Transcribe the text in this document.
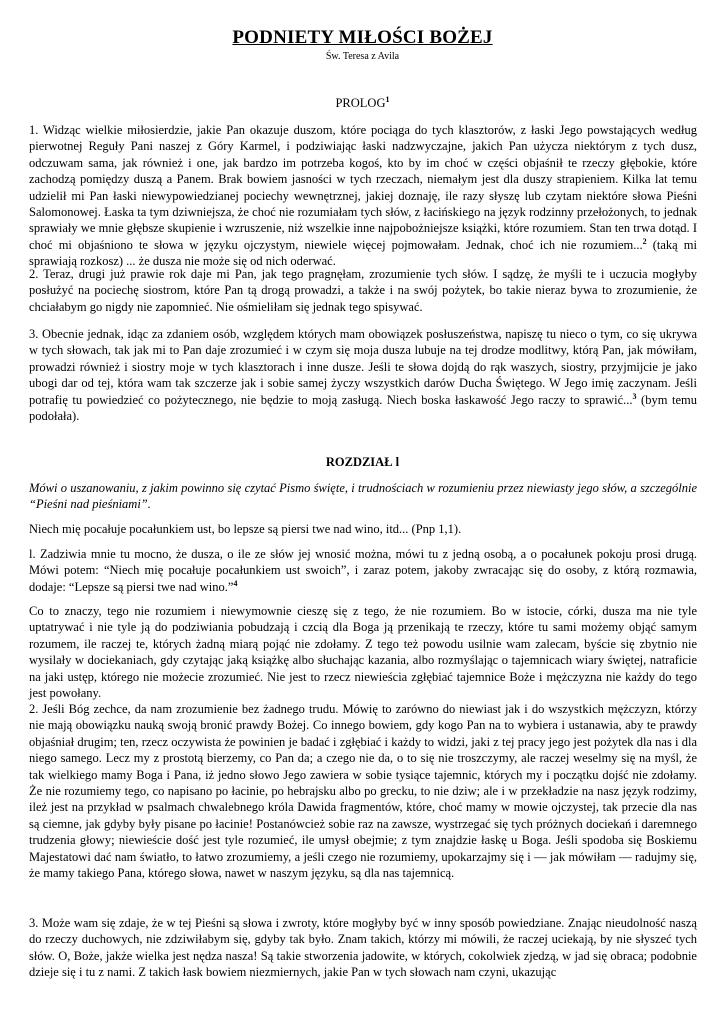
PODNIETY MIŁOŚCI BOŻEJ
Św. Teresa z Avila
PROLOG$^1$

1. Widząc wielkie miłosierdzie, jakie Pan okazuje duszom, które pociąga do tych klasztorów, z łaski Jego powstających według pierwotnej Reguły Pani naszej z Góry Karmel, i podziwiając łaski nadzwyczajne, jakich Pan użycza niektórym z tych dusz, odczuwam sama, jak również i one, jak bardzo im potrzeba kogoś, kto by im choć w części objaśnił te rzeczy głębokie, które zachodzą pomiędzy duszą a Panem. Brak bowiem jasności w tych rzeczach, niemałym jest dla duszy strapieniem. Kilka lat temu udzielił mi Pan łaski niewypowiedzianej pociechy wewnętrznej, jakiej doznaję, ile razy słyszę lub czytam niektóre słowa Pieśni Salomonowej. Łaska ta tym dziwniejsza, że choć nie rozumiałam tych słów, z łacińskiego na język rodzinny przełożonych, to jednak sprawiały we mnie głębsze skupienie i wzruszenie, niż wszelkie inne najpobożniejsze książki, które rozumiem. Stan ten trwa dotąd. I choć mi objaśniono te słowa w języku ojczystym, niewiele więcej pojmowałam. Jednak, choć ich nie rozumiem...$^2$ (taką mi sprawiają rozkosz) ... że dusza nie może się od nich oderwać.

2. Teraz, drugi już prawie rok daje mi Pan, jak tego pragnęłam, zrozumienie tych słów. I sądzę, że myśli te i uczucia mogłyby posłużyć na pociechę siostrom, które Pan tą drogą prowadzi, a także i na swój pożytek, bo takie nieraz bywa to zrozumienie, że chciałabym go nigdy nie zapomnieć. Nie ośmieliłam się jednak tego spisywać.

3. Obecnie jednak, idąc za zdaniem osób, względem których mam obowiązek posłuszeństwa, napiszę tu nieco o tym, co się ukrywa w tych słowach, tak jak mi to Pan daje zrozumieć i w czym się moja dusza lubuje na tej drodze modlitwy, którą Pan, jak mówiłam, prowadzi również i siostry moje w tych klasztorach i inne dusze. Jeśli te słowa dojdą do rąk waszych, siostry, przyjmijcie je jako ubogi dar od tej, która wam tak szczerze jak i sobie samej życzy wszystkich darów Ducha Świętego. W Jego imię zaczynam. Jeśli potrafię tu powiedzieć co pożytecznego, nie będzie to moją zasługą. Niech boska łaskawość Jego raczy to sprawić...$^3$ (bym temu podołała).

ROZDZIAŁ l

Mówi o uszanowaniu, z jakim powinno się czytać Pismo święte, i trudnościach w rozumieniu przez niewiasty jego słów, a szczególnie “Pieśni nad pieśniami”.

Niech mię pocałuje pocałunkiem ust, bo lepsze są piersi twe nad wino, itd... (Pnp 1,1).

l. Zadziwia mnie tu mocno, że dusza, o ile ze słów jej wnosić można, mówi tu z jedną osobą, a o pocałunek pokoju prosi drugą. Mówi potem: “Niech mię pocałuje pocałunkiem ust swoich”, i zaraz potem, jakoby zwracając się do osoby, z którą rozmawia, dodaje: “Lepsze są piersi twe nad wino.”$^4$

Co to znaczy, tego nie rozumiem i niewymownie cieszę się z tego, że nie rozumiem. Bo w istocie, córki, dusza ma nie tyle uptatrywać i nie tyle ją do podziwiania pobudzają i czcią dla Boga ją przenikają te rzeczy, które tu sami możemy objąć samym rozumem, ile raczej te, których żadną miarą pojąć nie zdołamy. Z tego też powodu usilnie wam zalecam, byście się zbytnio nie wysilały w dociekaniach, gdy czytając jaką książkę albo słuchając kazania, albo rozmyślając o tajemnicach wiary świętej, natraficie na jaki ustęp, którego nie możecie zrozumieć. Nie jest to rzecz niewieścia zgłębiać tajemnice Boże i mężczyzna nie każdy do tego jest powołany.

2. Jeśli Bóg zechce, da nam zrozumienie bez żadnego trudu. Mówię to zarówno do niewiast jak i do wszystkich mężczyzn, którzy nie mają obowiązku nauką swoją bronić prawdy Bożej. Co innego bowiem, gdy kogo Pan na to wybiera i ustanawia, aby te prawdy objaśniał drugim; ten, rzecz oczywista że powinien je badać i zgłębiać i każdy to widzi, jaki z tej pracy jego jest pożytek dla nas i dla niego samego. Lecz my z prostotą bierzemy, co Pan da; a czego nie da, o to się nie troszczymy, ale raczej weselmy się na myśl, że tak wielkiego mamy Boga i Pana, iż jedno słowo Jego zawiera w sobie tysiące tajemnic, których my i początku dojść nie zdołamy. Że nie rozumiemy tego, co napisano po łacinie, po hebrajsku albo po grecku, to nie dziw; ale i w przekładzie na nasz język rodzimy, ileż jest na przykład w psalmach chwalebnego króla Dawida fragmentów, które, choć mamy w mowie ojczystej, tak przecie dla nas są ciemne, jak gdyby były pisane po łacinie! Postanówcież sobie raz na zawsze, wystrzegać się tych próżnych dociekań i daremnego trudzenia głowy; niewieście dość jest tyle rozumieć, ile umysł obejmie; z tym znajdzie łaskę u Boga. Jeśli spodoba się Boskiemu Majestatowi dać nam światło, to łatwo zrozumiemy, a jeśli czego nie rozumiemy, upokarzajmy się i — jak mówiłam — radujmy się, że mamy takiego Pana, którego słowa, nawet w naszym języku, są dla nas tajemnicą.

3. Może wam się zdaje, że w tej Pieśni są słowa i zwroty, które mogłyby być w inny sposób powiedziane. Znając nieudolność naszą do rzeczy duchowych, nie zdziwiłabym się, gdyby tak było. Znam takich, którzy mi mówili, że raczej uciekają, by nie słyszeć tych słów. O, Boże, jakże wielka jest nędza nasza! Są takie stworzenia jadowite, w których, cokolwiek zjedzą, w jad się obraca; podobnie dzieje się i tu z nami. Z takich łask bowiem niezmiernych, jakie Pan w tych słowach nam czyni, ukazując
